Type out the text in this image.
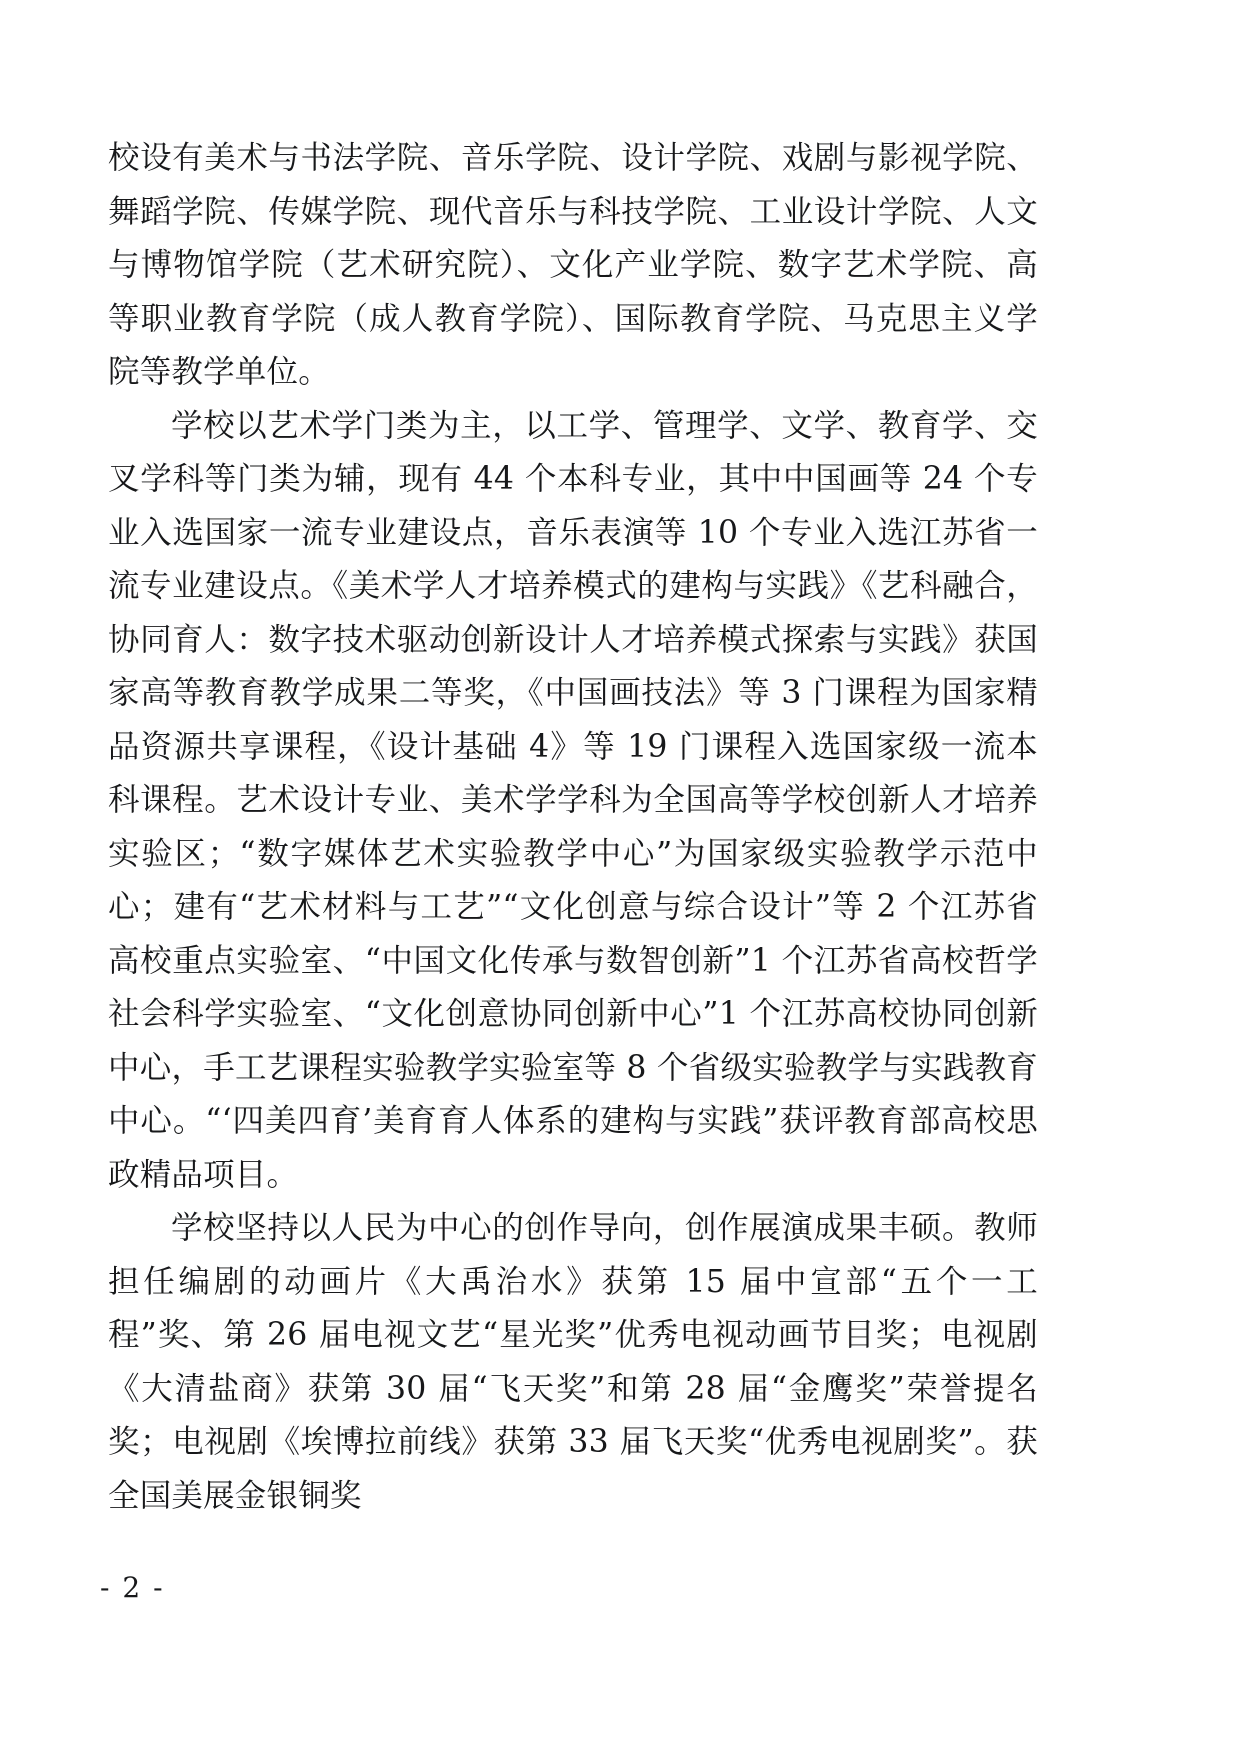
校设有美术与书法学院、音乐学院、设计学院、戏剧与影视学院、舞蹈学院、传媒学院、现代音乐与科技学院、工业设计学院、人文与博物馆学院（艺术研究院）、文化产业学院、数字艺术学院、高等职业教育学院（成人教育学院）、国际教育学院、马克思主义学院等教学单位。

学校以艺术学门类为主，以工学、管理学、文学、教育学、交叉学科等门类为辅，现有 44 个本科专业，其中中国画等 24 个专业入选国家一流专业建设点，音乐表演等 10 个专业入选江苏省一流专业建设点。《美术学人才培养模式的建构与实践》《艺科融合，协同育人：数字技术驱动创新设计人才培养模式探索与实践》获国家高等教育教学成果二等奖，《中国画技法》等 3 门课程为国家精品资源共享课程，《设计基础 4》等 19 门课程入选国家级一流本科课程。艺术设计专业、美术学学科为全国高等学校创新人才培养实验区；“数字媒体艺术实验教学中心”为国家级实验教学示范中心；建有“艺术材料与工艺”“文化创意与综合设计”等 2 个江苏省高校重点实验室、“中国文化传承与数智创新”1 个江苏省高校哲学社会科学实验室、“文化创意协同创新中心”1 个江苏高校协同创新中心，手工艺课程实验教学实验室等 8 个省级实验教学与实践教育中心。“‘四美四育’美育育人体系的建构与实践”获评教育部高校思政精品项目。

学校坚持以人民为中心的创作导向，创作展演成果丰硕。教师担任编剧的动画片《大禹治水》获第 15 届中宣部“五个一工程”奖、第 26 届电视文艺“星光奖”优秀电视动画节目奖；电视剧《大清盐商》获第 30 届“飞天奖”和第 28 届“金鹰奖”荣誉提名奖；电视剧《埃博拉前线》获第 33 届飞天奖“优秀电视剧奖”。获全国美展金银铜奖

- 2 -
